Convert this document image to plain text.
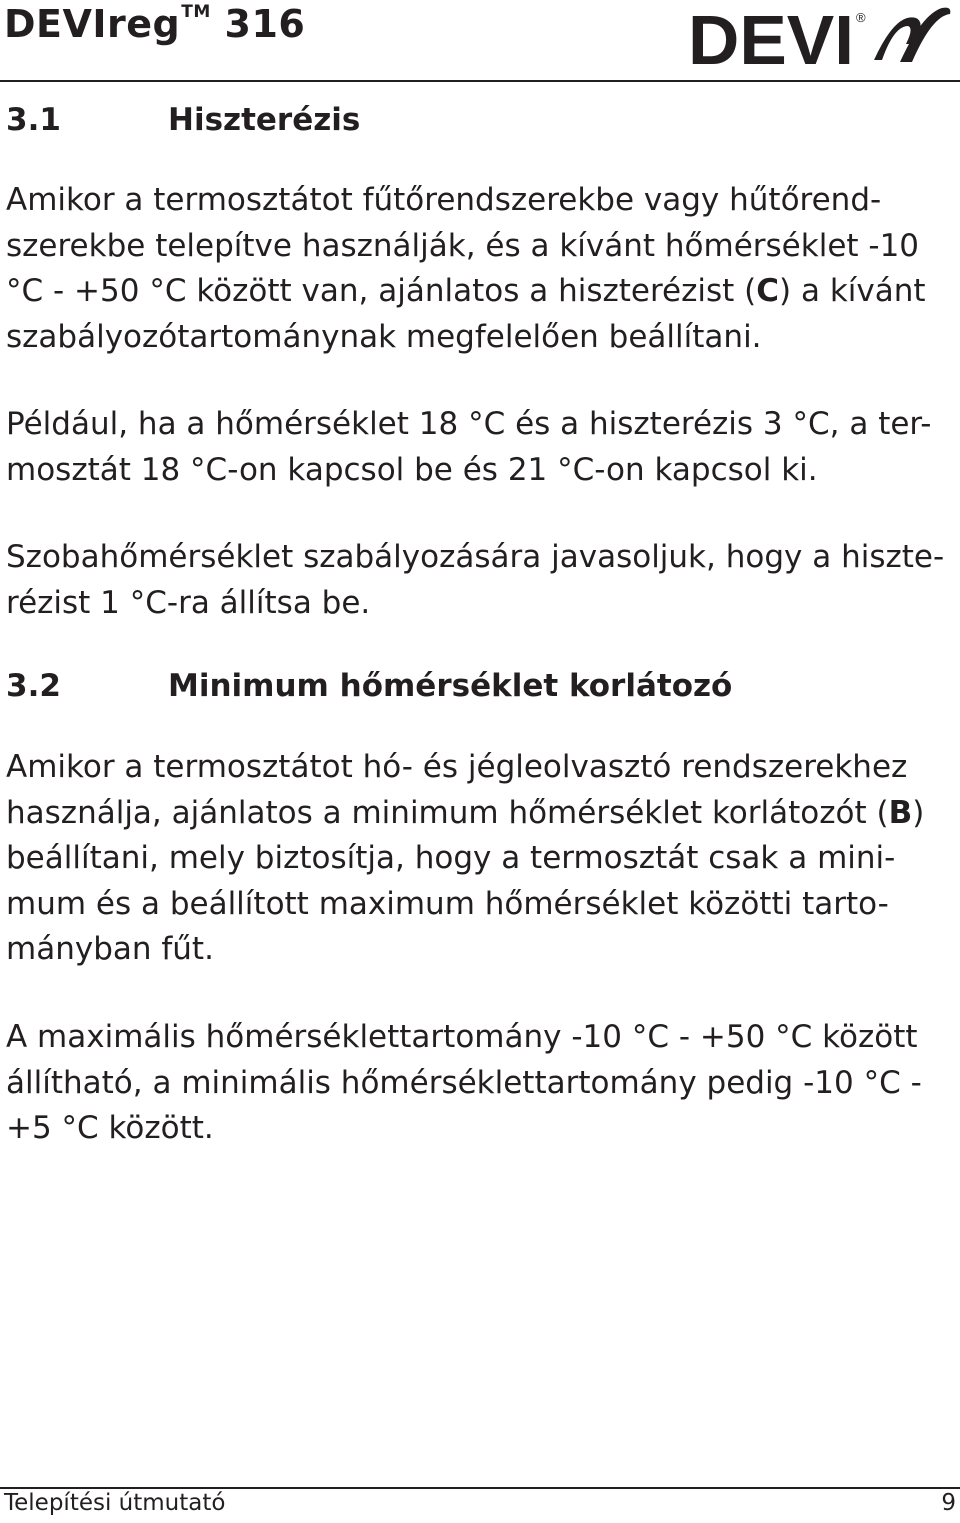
DEVIreg™ 316	DEVI ®
3.1	Hiszterézis

Amikor a termosztátot fűtőrendszerekbe vagy hűtőrend-
szerekbe telepítve használják, és a kívánt hőmérséklet -10
°C - +50 °C között van, ajánlatos a hiszterézist (C) a kívánt
szabályozótartománynak megfelelően beállítani.

Például, ha a hőmérséklet 18 °C és a hiszterézis 3 °C, a ter-
mosztát 18 °C-on kapcsol be és 21 °C-on kapcsol ki.

Szobahőmérséklet szabályozására javasoljuk, hogy a hiszte-
rézist 1 °C-ra állítsa be.

3.2	Minimum hőmérséklet korlátozó

Amikor a termosztátot hó- és jégleolvasztó rendszerekhez
használja, ajánlatos a minimum hőmérséklet korlátozót (B)
beállítani, mely biztosítja, hogy a termosztát csak a mini-
mum és a beállított maximum hőmérséklet közötti tarto-
mányban fűt.

A maximális hőmérséklettartomány -10 °C - +50 °C között
állítható, a minimális hőmérséklettartomány pedig -10 °C -
+5 °C között.

Telepítési útmutató	9
